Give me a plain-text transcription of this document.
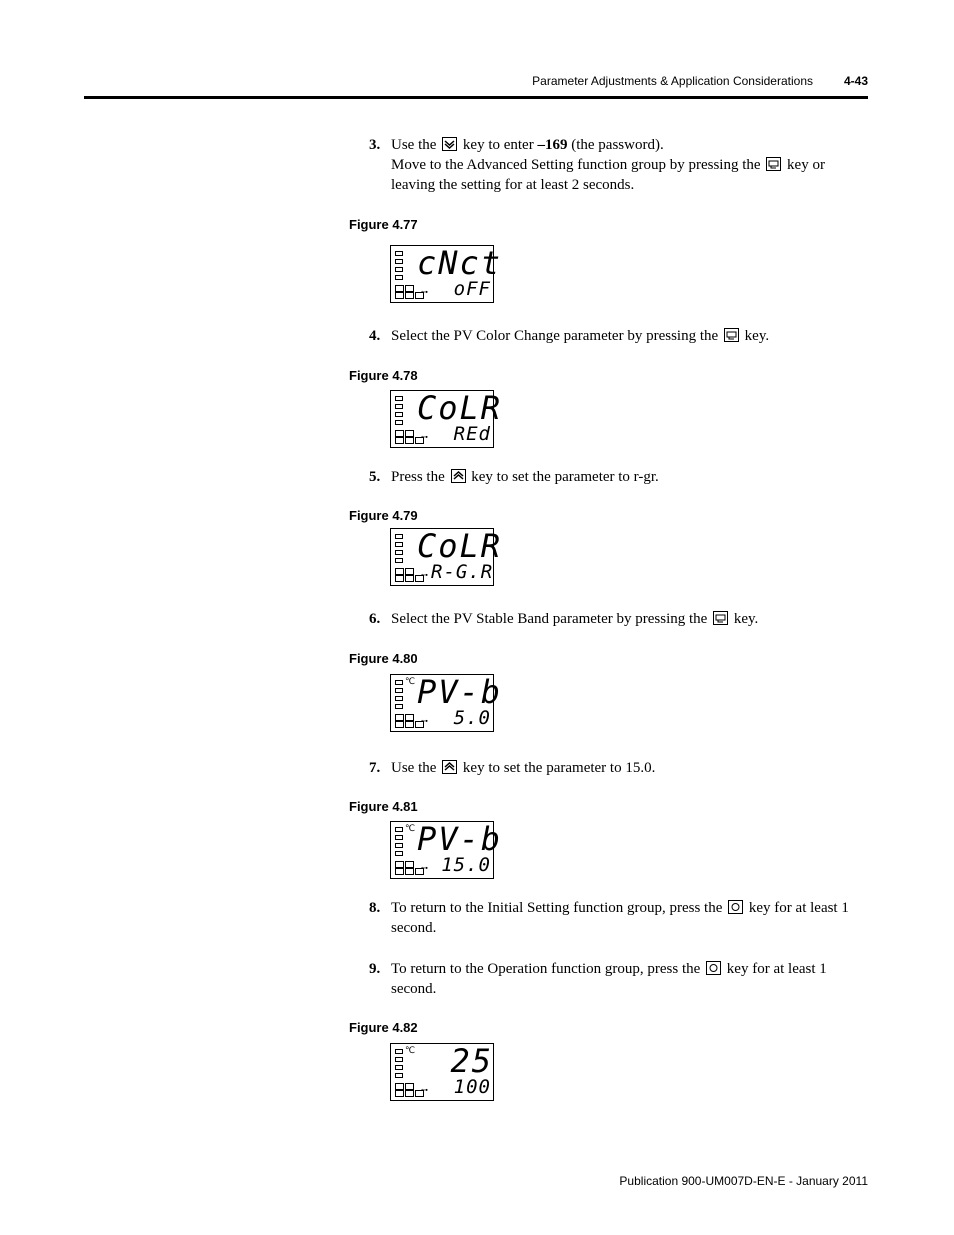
Parameter Adjustments & Application Considerations	4-43
3. Use the key to enter –169 (the password).
Move to the Advanced Setting function group by pressing the key or leaving the setting for at least 2 seconds.
Figure 4.77
⊶
cNct
oFF
4. Select the PV Color Change parameter by pressing the key.
Figure 4.78
⊶
CoLR
REd
5. Press the key to set the parameter to r-gr.
Figure 4.79
⊶
CoLR
R-G.R
6. Select the PV Stable Band parameter by pressing the key.
Figure 4.80
℃
⊶
PV-b
5.0
7. Use the key to set the parameter to 15.0.
Figure 4.81
℃
⊶
PV-b
15.0
8. To return to the Initial Setting function group, press the key for at least 1 second.
9. To return to the Operation function group, press the key for at least 1 second.
Figure 4.82
℃
⊶
25
100
Publication 900-UM007D-EN-E - January 2011
